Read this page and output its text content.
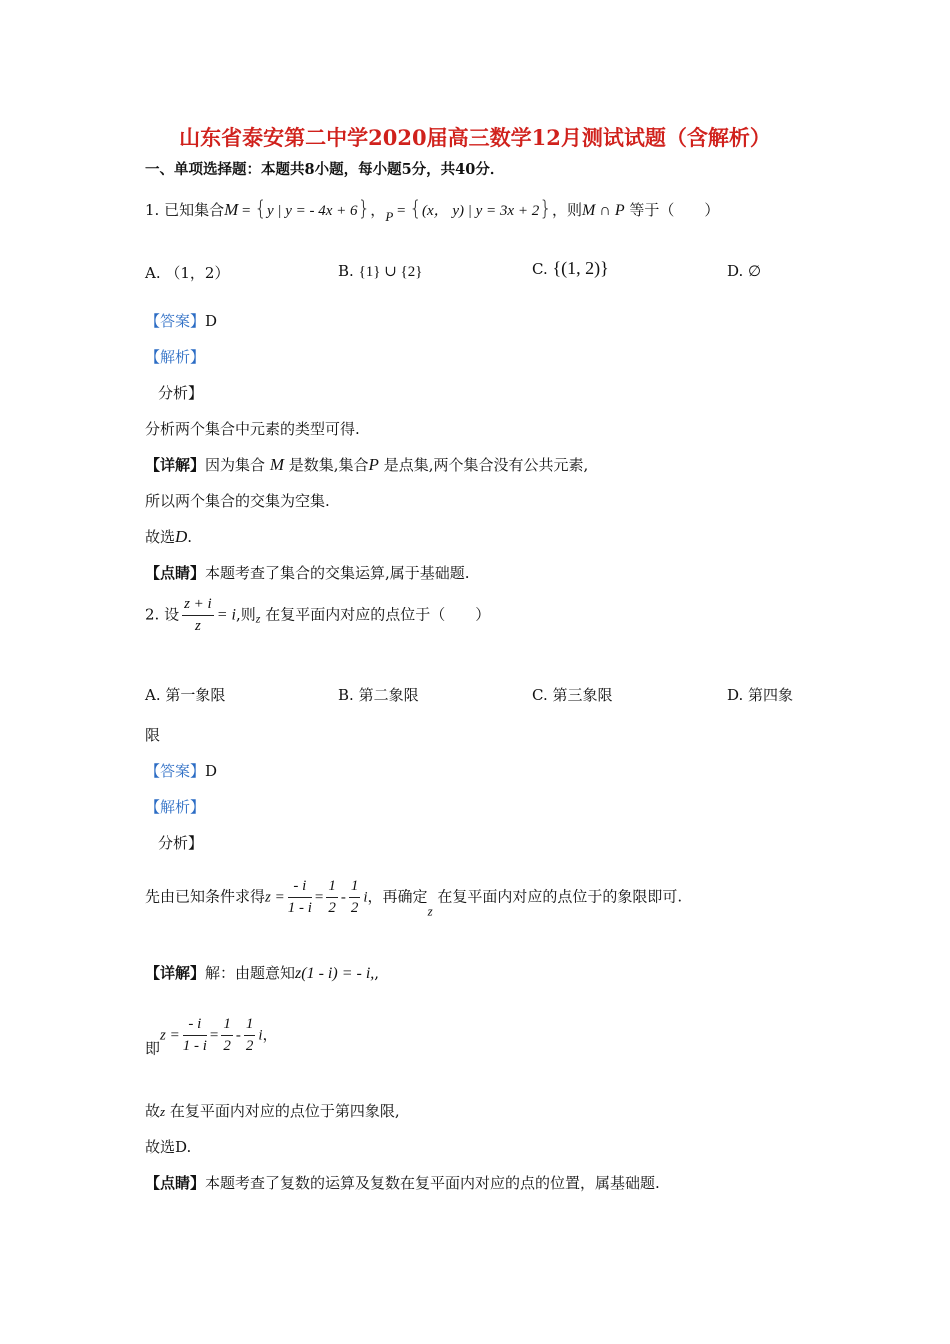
山东省泰安第二中学2020届高三数学12月测试试题（含解析）
一、单项选择题：本题共8小题，每小题5分，共40分．
1. 已知集合M = {y | y = - 4x + 6}，P = {(x， y) | y = 3x + 2}，则M ∩ P 等于（　　）
A. （1，2）	B. {1} ∪ {2}	C. {(1, 2)}	D. ∅
【答案】D
【解析】
分析】
分析两个集合中元素的类型可得.
【详解】因为集合 M 是数集,集合P 是点集,两个集合没有公共元素,
所以两个集合的交集为空集.
故选D.
【点睛】本题考查了集合的交集运算,属于基础题.
2. 设 $\frac{z + i}{z} = i$,则$_z$ 在复平面内对应的点位于（　　）
A. 第一象限	B. 第二象限	C. 第三象限	D. 第四象
限
【答案】D
【解析】
分析】
先由已知条件求得$z = \frac{- i}{1 - i} = \frac{1}{2} - \frac{1}{2}$ i，再确定z 在复平面内对应的点位于的象限即可.
【详解】解：由题意知z(1 - i) = - i,,
即$z = \frac{- i}{1 - i} = \frac{1}{2} - \frac{1}{2}$ i，
故z 在复平面内对应的点位于第四象限,
故选D.
【点睛】本题考查了复数的运算及复数在复平面内对应的点的位置，属基础题.
